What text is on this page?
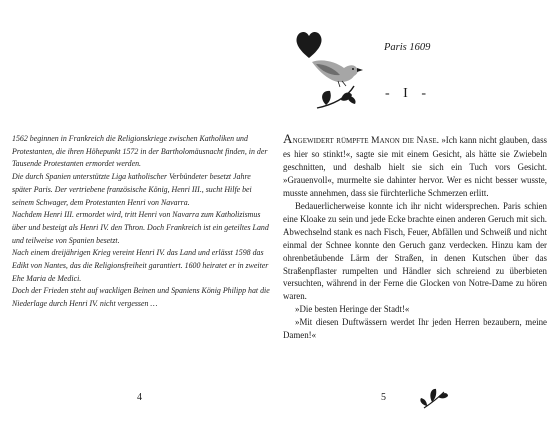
1562 beginnen in Frankreich die Religionskriege zwischen Katholiken und Protestanten, die ihren Höhepunkt 1572 in der Bartholomäusnacht finden, in der Tausende Protestanten ermordet werden.

Die durch Spanien unterstützte Liga katholischer Verbündeter besetzt Jahre später Paris. Der vertriebene französische König, Henri III., sucht Hilfe bei seinem Schwager, dem Protestanten Henri von Navarra.

Nachdem Henri III. ermordet wird, tritt Henri von Navarra zum Katholizismus über und besteigt als Henri IV. den Thron. Doch Frankreich ist ein geteiltes Land und teilweise von Spanien besetzt.

Nach einem dreijährigen Krieg vereint Henri IV. das Land und erlässt 1598 das Edikt von Nantes, das die Religionsfreiheit garantiert. 1600 heiratet er in zweiter Ehe Maria de Medici.

Doch der Frieden steht auf wackligen Beinen und Spaniens König Philipp hat die Niederlage durch Henri IV. nicht vergessen …

4
Paris 1609
- I -

Angewidert rümpfte Manon die Nase. »Ich kann nicht glauben, dass es hier so stinkt!«, sagte sie mit einem Gesicht, als hätte sie Zwiebeln geschnitten, und deshalb hielt sie sich ein Tuch vors Gesicht. »Grauenvoll«, murmelte sie dahinter hervor. Wer es nicht besser wusste, musste annehmen, dass sie fürchterliche Schmerzen erlitt.

Bedauerlicherweise konnte ich ihr nicht widersprechen. Paris schien eine Kloake zu sein und jede Ecke brachte einen anderen Geruch mit sich. Abwechselnd stank es nach Fisch, Feuer, Abfällen und Schweiß und nicht einmal der Schnee konnte den Geruch ganz verdecken. Hinzu kam der ohrenbetäubende Lärm der Straßen, in denen Kutschen über das Straßenpflaster rumpelten und Händler sich schreiend zu überbieten versuchten, während in der Ferne die Glocken von Notre-Dame zu hören waren.

»Die besten Heringe der Stadt!«

»Mit diesen Duftwässern werdet Ihr jeden Herren bezaubern, meine Damen!«

5
